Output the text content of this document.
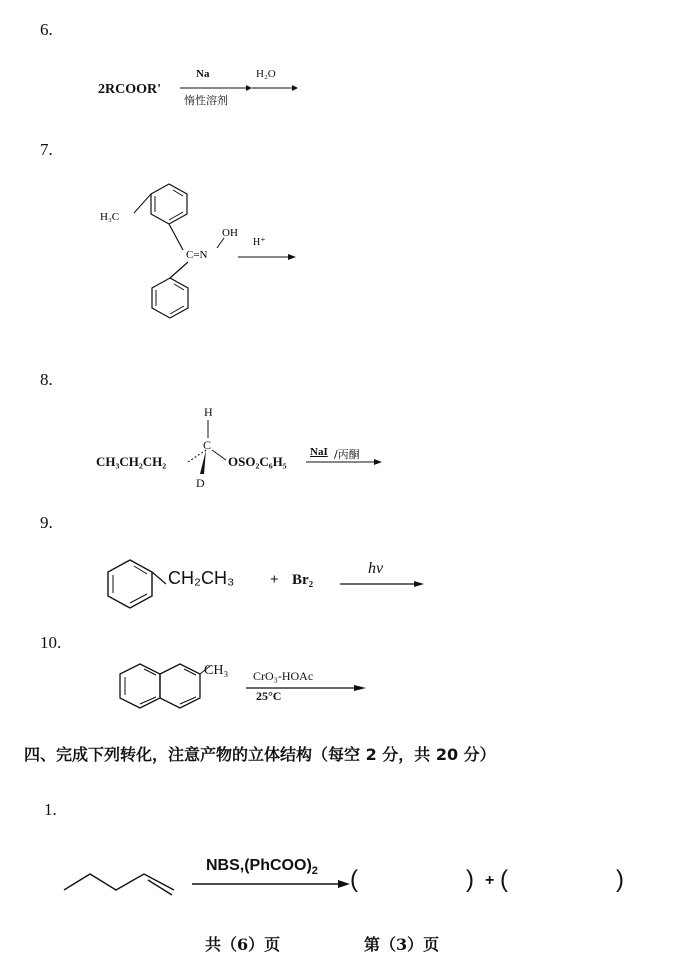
6.
2RCOOR'
Na
惰性溶剂
H₂O
7.
H₃C
C=N
OH
H⁺
8.
CH₃CH₂CH₂
H
C
D
OSO₂C₆H₅
NaI /丙酮
9.
CH₂CH₃ + Br₂
hν
10.
CH₃ CrO₃-HOAc
25°C
四、完成下列转化，注意产物的立体结构（每空 2 分，共 20 分）
1.
$NBS,(PhCOO)_2$ (	) + (	)
共（6）页	第（3）页
